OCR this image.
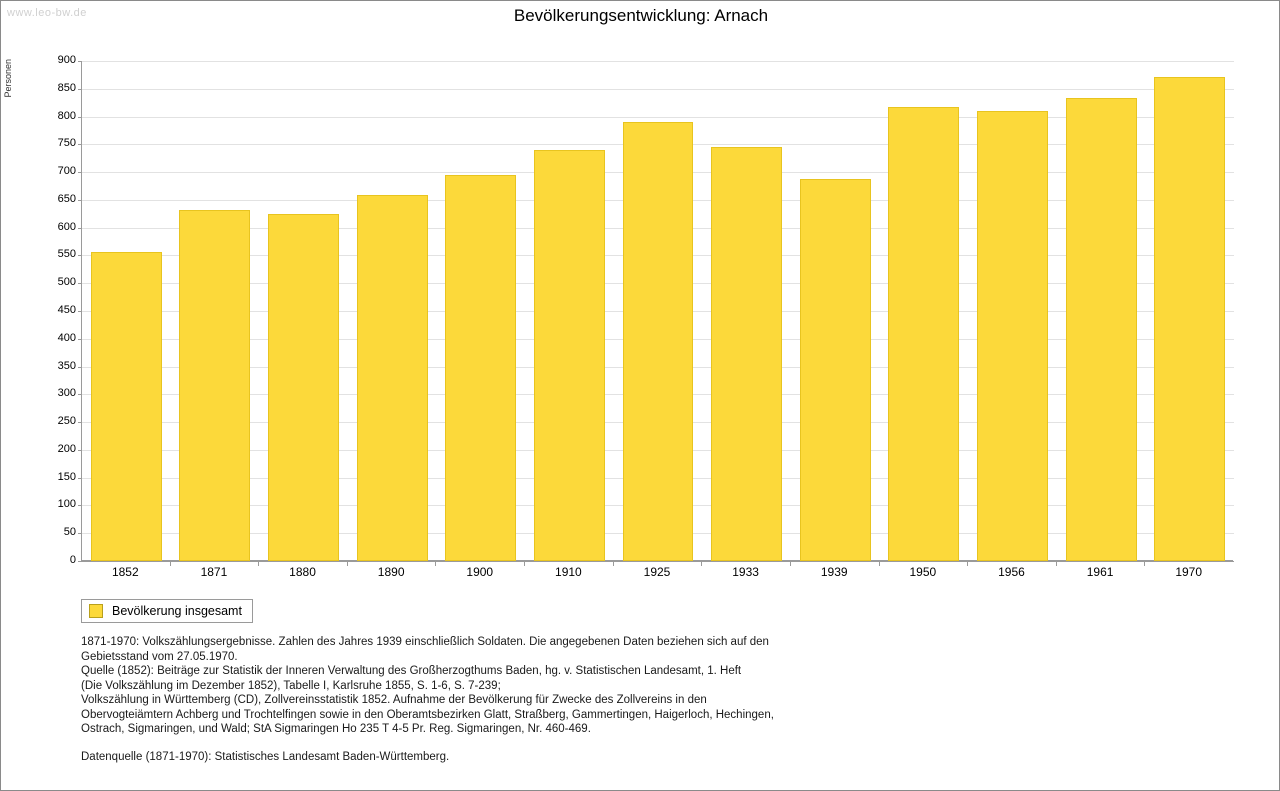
www.leo-bw.de	Bevölkerungsentwicklung: Arnach
Personen
0
50
100
150
200
250
300
350
400
450
500
550
600
650
700
750
800
850
900
1852	1871	1880	1890	1900	1910	1925	1933	1939	1950	1956	1961	1970
Bevölkerung insgesamt

1871-1970: Volkszählungsergebnisse. Zahlen des Jahres 1939 einschließlich Soldaten. Die angegebenen Daten beziehen sich auf den

Gebietsstand vom 27.05.1970.

Quelle (1852): Beiträge zur Statistik der Inneren Verwaltung des Großherzogthums Baden, hg. v. Statistischen Landesamt, 1. Heft

(Die Volkszählung im Dezember 1852), Tabelle I, Karlsruhe 1855, S. 1-6, S. 7-239;

Volkszählung in Württemberg (CD), Zollvereinsstatistik 1852. Aufnahme der Bevölkerung für Zwecke des Zollvereins in den

Obervogteiämtern Achberg und Trochtelfingen sowie in den Oberamtsbezirken Glatt, Straßberg, Gammertingen, Haigerloch, Hechingen,

Ostrach, Sigmaringen, und Wald; StA Sigmaringen Ho 235 T 4-5 Pr. Reg. Sigmaringen, Nr. 460-469.

Datenquelle (1871-1970): Statistisches Landesamt Baden-Württemberg.
